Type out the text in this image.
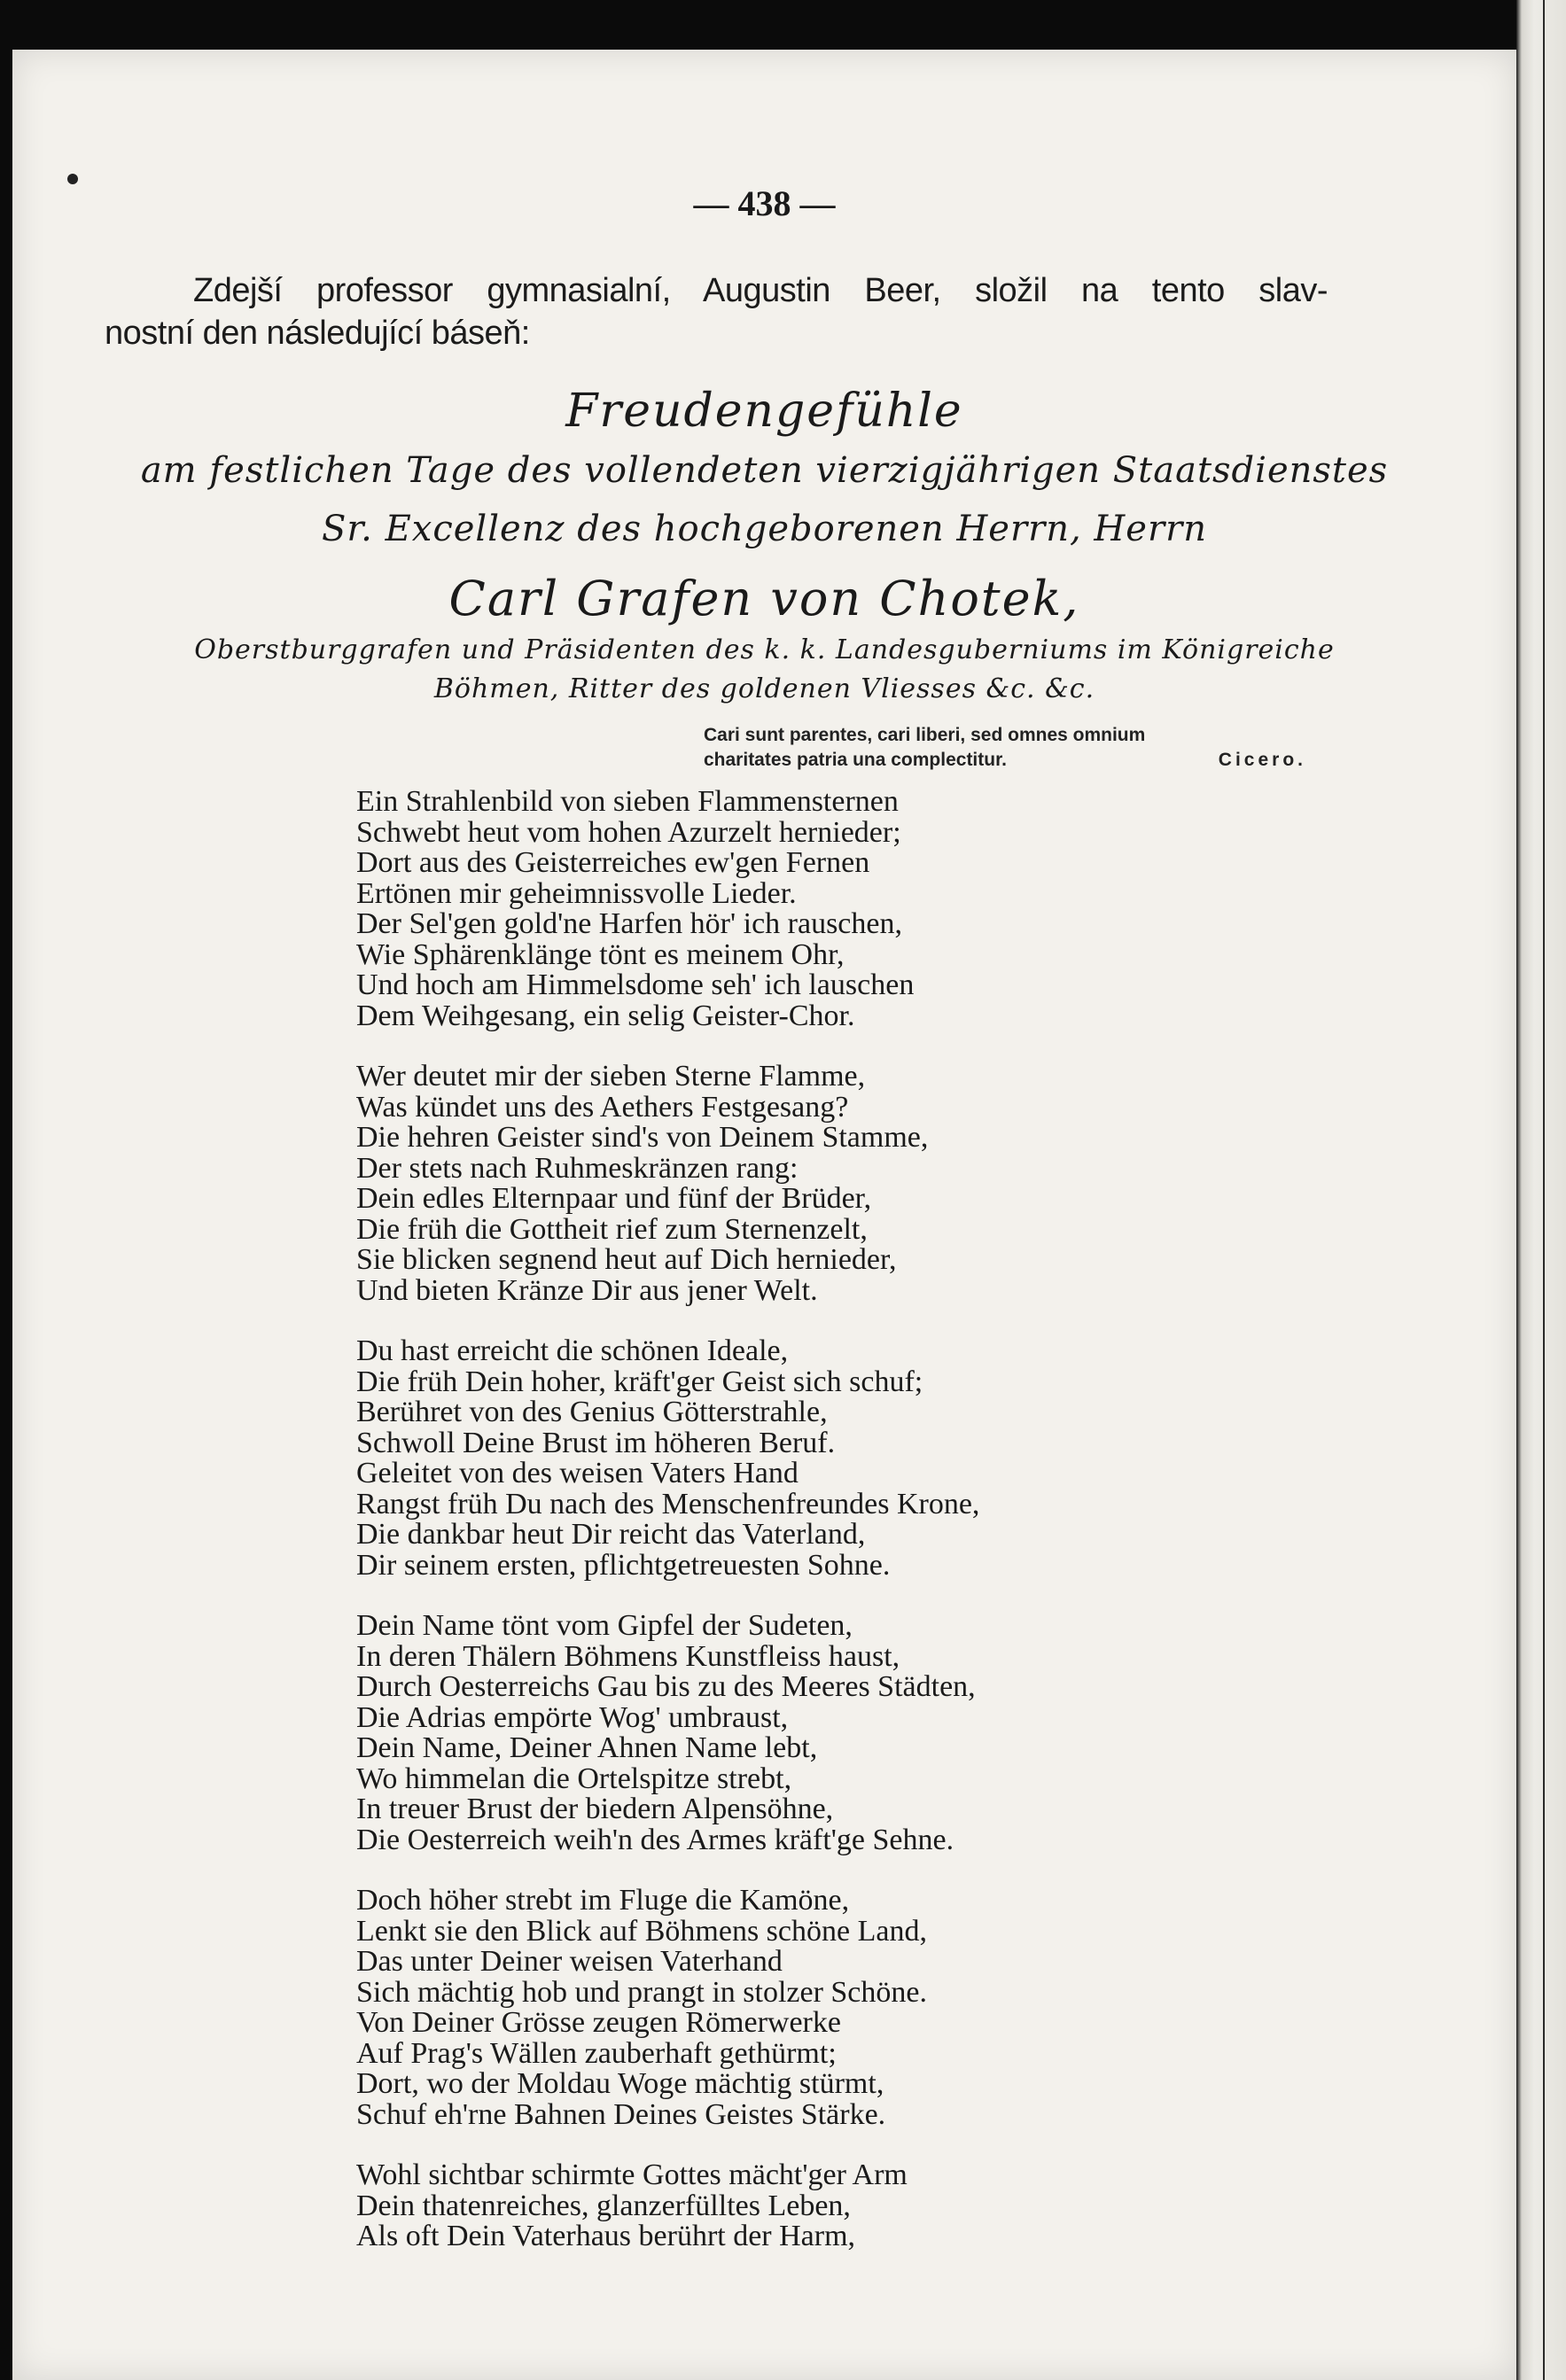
— 438 —
Zdejší professor gymnasialní, Augustin Beer, složil na tento slav-
nostní den následující báseň:
Freudengefühle
am festlichen Tage des vollendeten vierzigjährigen Staatsdienstes
Sr. Excellenz des hochgeborenen Herrn, Herrn
Carl Grafen von Chotek,
Oberstburggrafen und Präsidenten des k. k. Landesguberniums im Königreiche
Böhmen, Ritter des goldenen Vliesses &c. &c.
Cari sunt parentes, cari liberi, sed omnes omnium
charitates patria una complectitur.	Cicero.
Ein Strahlenbild von sieben Flammensternen
Schwebt heut vom hohen Azurzelt hernieder;
Dort aus des Geisterreiches ew'gen Fernen
Ertönen mir geheimnissvolle Lieder.
Der Sel'gen gold'ne Harfen hör' ich rauschen,
Wie Sphärenklänge tönt es meinem Ohr,
Und hoch am Himmelsdome seh' ich lauschen
Dem Weihgesang, ein selig Geister-Chor.
Wer deutet mir der sieben Sterne Flamme,
Was kündet uns des Aethers Festgesang?
Die hehren Geister sind's von Deinem Stamme,
Der stets nach Ruhmeskränzen rang:
Dein edles Elternpaar und fünf der Brüder,
Die früh die Gottheit rief zum Sternenzelt,
Sie blicken segnend heut auf Dich hernieder,
Und bieten Kränze Dir aus jener Welt.
Du hast erreicht die schönen Ideale,
Die früh Dein hoher, kräft'ger Geist sich schuf;
Berühret von des Genius Götterstrahle,
Schwoll Deine Brust im höheren Beruf.
Geleitet von des weisen Vaters Hand
Rangst früh Du nach des Menschenfreundes Krone,
Die dankbar heut Dir reicht das Vaterland,
Dir seinem ersten, pflichtgetreuesten Sohne.
Dein Name tönt vom Gipfel der Sudeten,
In deren Thälern Böhmens Kunstfleiss haust,
Durch Oesterreichs Gau bis zu des Meeres Städten,
Die Adrias empörte Wog' umbraust,
Dein Name, Deiner Ahnen Name lebt,
Wo himmelan die Ortelspitze strebt,
In treuer Brust der biedern Alpensöhne,
Die Oesterreich weih'n des Armes kräft'ge Sehne.
Doch höher strebt im Fluge die Kamöne,
Lenkt sie den Blick auf Böhmens schöne Land,
Das unter Deiner weisen Vaterhand
Sich mächtig hob und prangt in stolzer Schöne.
Von Deiner Grösse zeugen Römerwerke
Auf Prag's Wällen zauberhaft gethürmt;
Dort, wo der Moldau Woge mächtig stürmt,
Schuf eh'rne Bahnen Deines Geistes Stärke.
Wohl sichtbar schirmte Gottes mächt'ger Arm
Dein thatenreiches, glanzerfülltes Leben,
Als oft Dein Vaterhaus berührt der Harm,
